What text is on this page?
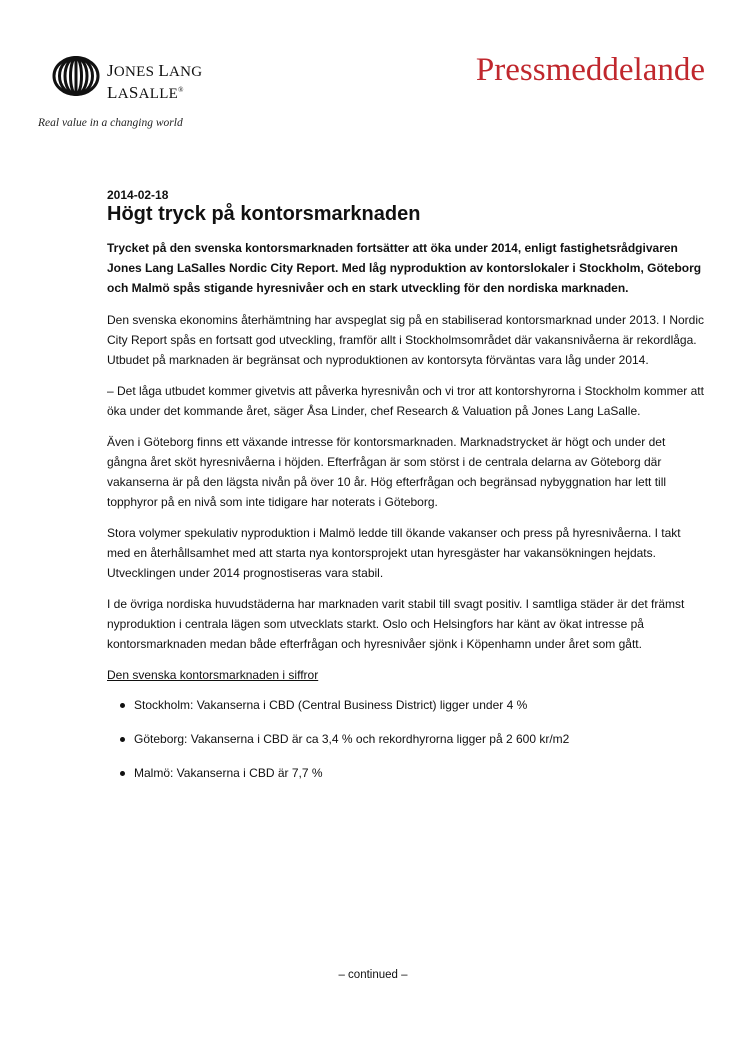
JONES LANG
LASALLE®
Real value in a changing world
Pressmeddelande
2014-02-18
Högt tryck på kontorsmarknaden

Trycket på den svenska kontorsmarknaden fortsätter att öka under 2014, enligt fastighetsrådgivaren Jones Lang LaSalles Nordic City Report. Med låg nyproduktion av kontorslokaler i Stockholm, Göteborg och Malmö spås stigande hyresnivåer och en stark utveckling för den nordiska marknaden.

Den svenska ekonomins återhämtning har avspeglat sig på en stabiliserad kontorsmarknad under 2013. I Nordic City Report spås en fortsatt god utveckling, framför allt i Stockholmsområdet där vakansnivåerna är rekordlåga. Utbudet på marknaden är begränsat och nyproduktionen av kontorsyta förväntas vara låg under 2014.

– Det låga utbudet kommer givetvis att påverka hyresnivån och vi tror att kontorshyrorna i Stockholm kommer att öka under det kommande året, säger Åsa Linder, chef Research & Valuation på Jones Lang LaSalle.

Även i Göteborg finns ett växande intresse för kontorsmarknaden. Marknadstrycket är högt och under det gångna året sköt hyresnivåerna i höjden. Efterfrågan är som störst i de centrala delarna av Göteborg där vakanserna är på den lägsta nivån på över 10 år. Hög efterfrågan och begränsad nybyggnation har lett till topphyror på en nivå som inte tidigare har noterats i Göteborg.

Stora volymer spekulativ nyproduktion i Malmö ledde till ökande vakanser och press på hyresnivåerna. I takt med en återhållsamhet med att starta nya kontorsprojekt utan hyresgäster har vakansökningen hejdats. Utvecklingen under 2014 prognostiseras vara stabil.

I de övriga nordiska huvudstäderna har marknaden varit stabil till svagt positiv. I samtliga städer är det främst nyproduktion i centrala lägen som utvecklats starkt. Oslo och Helsingfors har känt av ökat intresse på kontorsmarknaden medan både efterfrågan och hyresnivåer sjönk i Köpenhamn under året som gått.

Den svenska kontorsmarknaden i siffror

Stockholm: Vakanserna i CBD (Central Business District) ligger under 4 %
Göteborg: Vakanserna i CBD är ca 3,4 % och rekordhyrorna ligger på 2 600 kr/m2
Malmö: Vakanserna i CBD är 7,7 %
– continued –
